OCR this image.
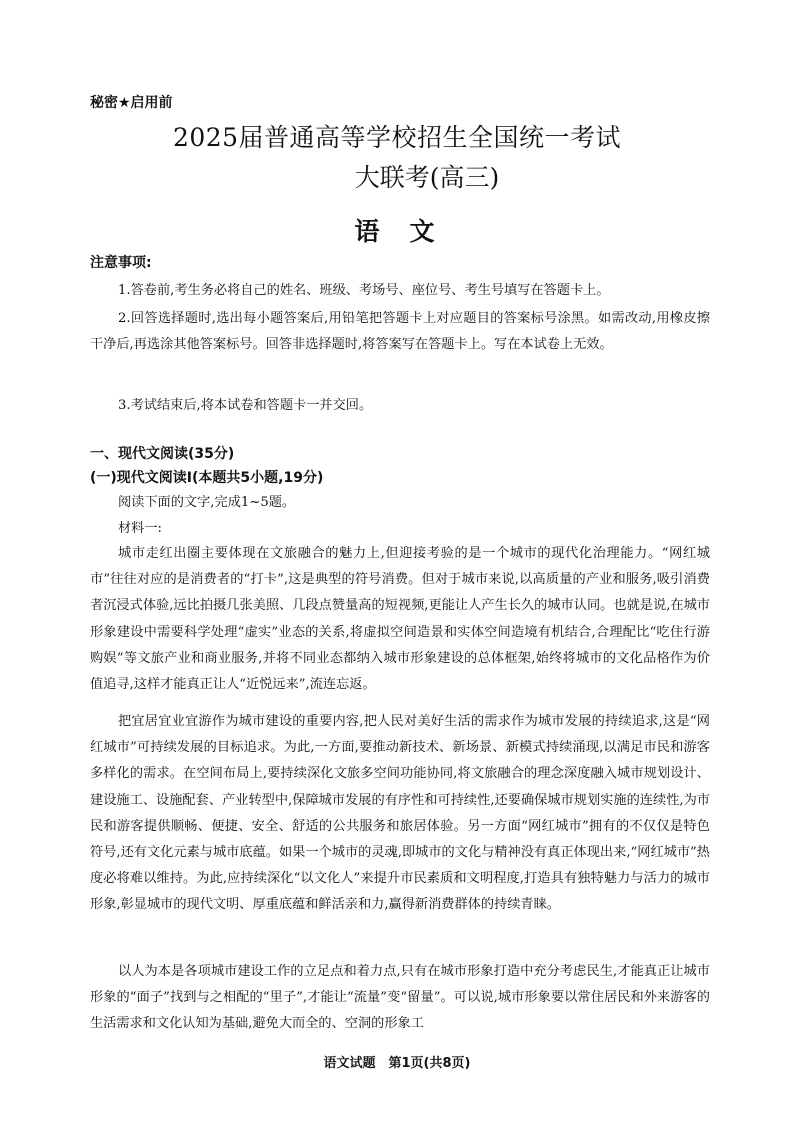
秘密★启用前
2025届普通高等学校招生全国统一考试
大联考(高三)
语文
注意事项:
1.答卷前,考生务必将自己的姓名、班级、考场号、座位号、考生号填写在答题卡上。
2.回答选择题时,选出每小题答案后,用铅笔把答题卡上对应题目的答案标号涂黑。如需改动,用橡皮擦干净后,再选涂其他答案标号。回答非选择题时,将答案写在答题卡上。写在本试卷上无效。
3.考试结束后,将本试卷和答题卡一并交回。
一、现代文阅读(35分)
(一)现代文阅读Ⅰ(本题共5小题,19分)
阅读下面的文字,完成1~5题。
材料一:
城市走红出圈主要体现在文旅融合的魅力上,但迎接考验的是一个城市的现代化治理能力。“网红城市”往往对应的是消费者的“打卡”,这是典型的符号消费。但对于城市来说,以高质量的产业和服务,吸引消费者沉浸式体验,远比拍摄几张美照、几段点赞量高的短视频,更能让人产生长久的城市认同。也就是说,在城市形象建设中需要科学处理“虚实”业态的关系,将虚拟空间造景和实体空间造境有机结合,合理配比“吃住行游购娱”等文旅产业和商业服务,并将不同业态都纳入城市形象建设的总体框架,始终将城市的文化品格作为价值追寻,这样才能真正让人“近悦远来”,流连忘返。
把宜居宜业宜游作为城市建设的重要内容,把人民对美好生活的需求作为城市发展的持续追求,这是“网红城市”可持续发展的目标追求。为此,一方面,要推动新技术、新场景、新模式持续涌现,以满足市民和游客多样化的需求。在空间布局上,要持续深化文旅多空间功能协同,将文旅融合的理念深度融入城市规划设计、建设施工、设施配套、产业转型中,保障城市发展的有序性和可持续性,还要确保城市规划实施的连续性,为市民和游客提供顺畅、便捷、安全、舒适的公共服务和旅居体验。另一方面“网红城市”拥有的不仅仅是特色符号,还有文化元素与城市底蕴。如果一个城市的灵魂,即城市的文化与精神没有真正体现出来,“网红城市”热度必将难以维持。为此,应持续深化“以文化人”来提升市民素质和文明程度,打造具有独特魅力与活力的城市形象,彰显城市的现代文明、厚重底蕴和鲜活亲和力,赢得新消费群体的持续青睐。
以人为本是各项城市建设工作的立足点和着力点,只有在城市形象打造中充分考虑民生,才能真正让城市形象的“面子”找到与之相配的“里子”,才能让“流量”变“留量”。可以说,城市形象要以常住居民和外来游客的生活需求和文化认知为基础,避免大而全的、空洞的形象工
语文试题　第1页(共8页)
